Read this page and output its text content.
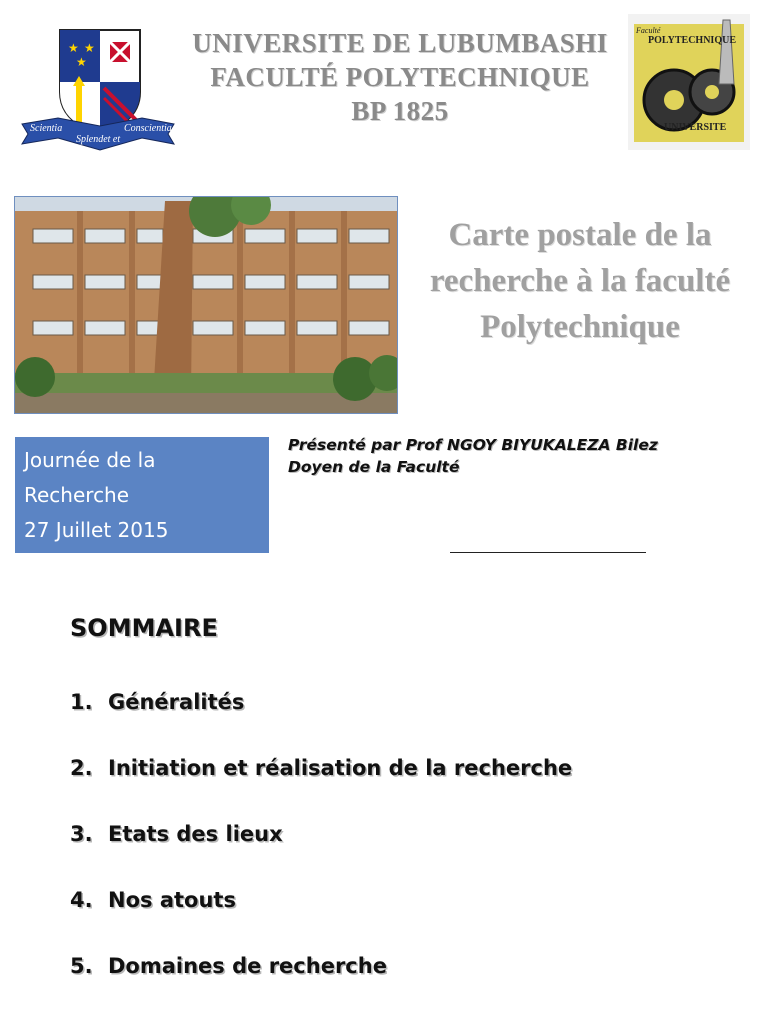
★ ★
★
Scientia
Splendet et
Conscientia
UNIVERSITE DE LUBUMBASHI
FACULTÉ POLYTECHNIQUE
BP 1825
Faculté
POLYTECHNIQUE
UNIVERSITE
Carte postale de la
recherche à la faculté
Polytechnique
Journée de la
Recherche
27 Juillet 2015
Présenté par Prof NGOY BIYUKALEZA Bilez
Doyen de la Faculté
SOMMAIRE
1. Généralités
2. Initiation et réalisation de la recherche
3. Etats des lieux
4. Nos atouts
5. Domaines de recherche
